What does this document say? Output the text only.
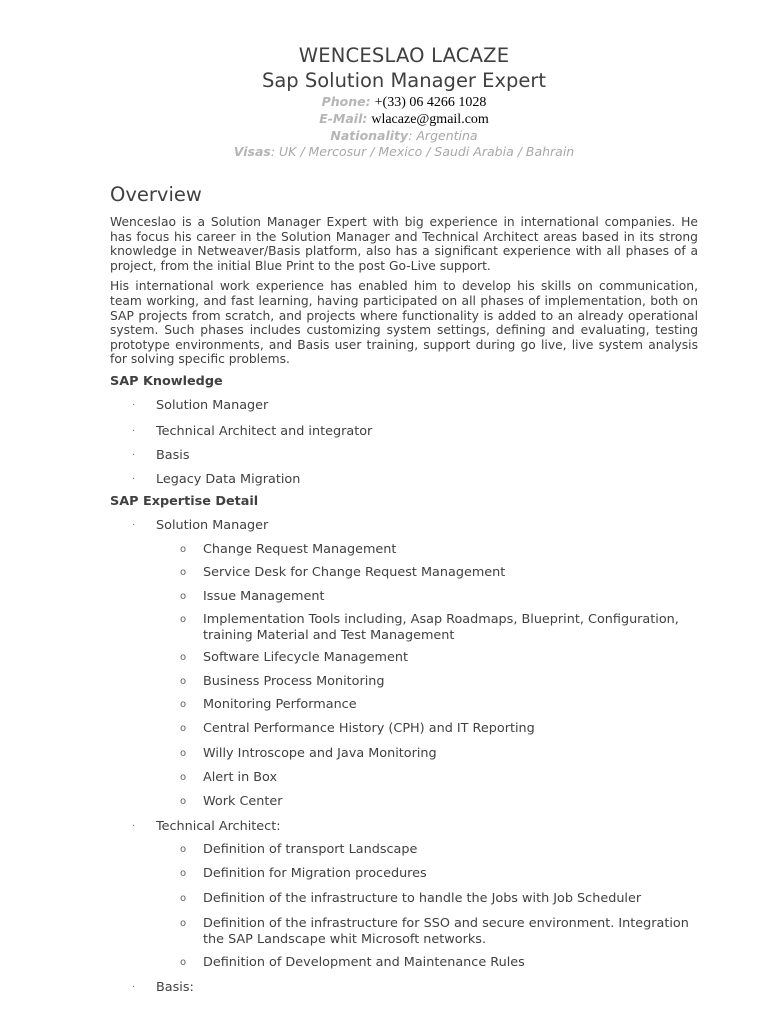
WENCESLAO LACAZE
Sap Solution Manager Expert
Phone: +(33) 06 4266 1028
E-Mail: wlacaze@gmail.com
Nationality: Argentina
Visas: UK / Mercosur / Mexico / Saudi Arabia / Bahrain
Overview

Wenceslao is a Solution Manager Expert with big experience in international companies. He has focus his career in the Solution Manager and Technical Architect areas based in its strong knowledge in Netweaver/Basis platform, also has a significant experience with all phases of a project, from the initial Blue Print to the post Go-Live support.

His international work experience has enabled him to develop his skills on communication, team working, and fast learning, having participated on all phases of implementation, both on SAP projects from scratch, and projects where functionality is added to an already operational system. Such phases includes customizing system settings, defining and evaluating, testing prototype environments, and Basis user training, support during go live, live system analysis for solving specific problems.

SAP Knowledge
· Solution Manager
· Technical Architect and integrator
· Basis
· Legacy Data Migration
SAP Expertise Detail
· Solution Manager
o Change Request Management
o Service Desk for Change Request Management
o Issue Management
o Implementation Tools including, Asap Roadmaps, Blueprint, Configuration, training Material and Test Management
o Software Lifecycle Management
o Business Process Monitoring
o Monitoring Performance
o Central Performance History (CPH) and IT Reporting
o Willy Introscope and Java Monitoring
o Alert in Box
o Work Center
· Technical Architect:
o Definition of transport Landscape
o Definition for Migration procedures
o Definition of the infrastructure to handle the Jobs with Job Scheduler
o Definition of the infrastructure for SSO and secure environment. Integration the SAP Landscape whit Microsoft networks.
o Definition of Development and Maintenance Rules
· Basis:
